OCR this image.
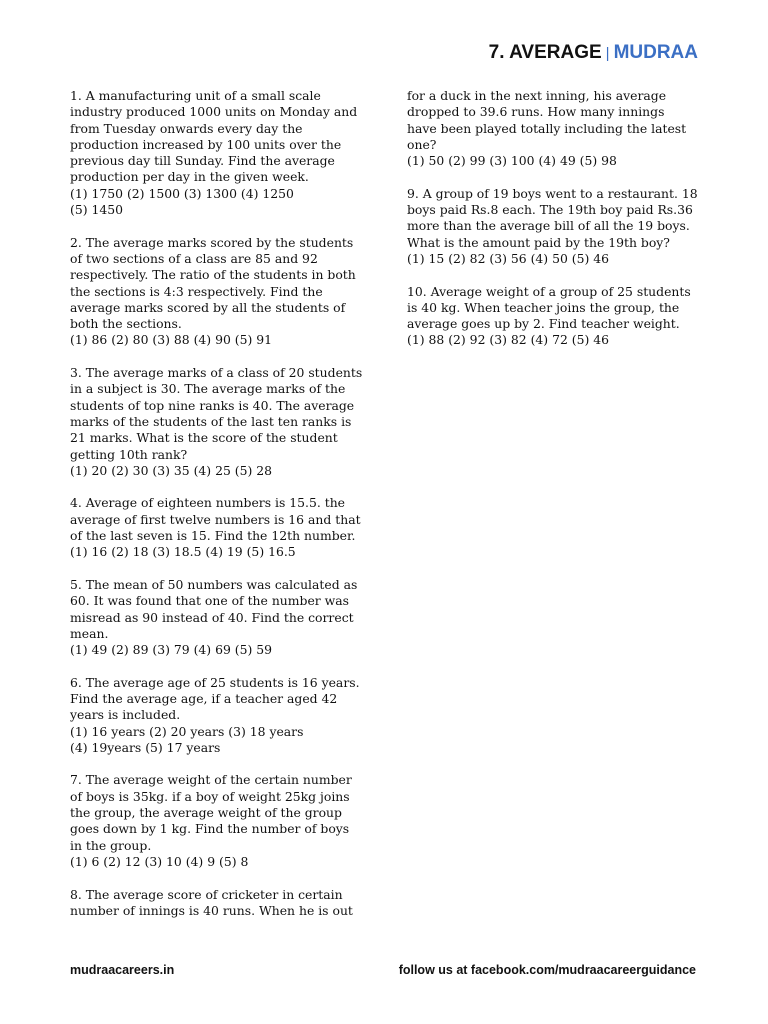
7. AVERAGE | MUDRAA

1. A manufacturing unit of a small scale

industry produced 1000 units on Monday and

from Tuesday onwards every day the

production increased by 100 units over the

previous day till Sunday. Find the average

production per day in the given week.

(1) 1750 (2) 1500 (3) 1300 (4) 1250

(5) 1450

2. The average marks scored by the students

of two sections of a class are 85 and 92

respectively. The ratio of the students in both

the sections is 4:3 respectively. Find the

average marks scored by all the students of

both the sections.

(1) 86 (2) 80 (3) 88 (4) 90 (5) 91

3. The average marks of a class of 20 students

in a subject is 30. The average marks of the

students of top nine ranks is 40. The average

marks of the students of the last ten ranks is

21 marks. What is the score of the student

getting 10th rank?

(1) 20 (2) 30 (3) 35 (4) 25 (5) 28

4. Average of eighteen numbers is 15.5. the

average of first twelve numbers is 16 and that

of the last seven is 15. Find the 12th number.

(1) 16 (2) 18 (3) 18.5 (4) 19 (5) 16.5

5. The mean of 50 numbers was calculated as

60. It was found that one of the number was

misread as 90 instead of 40. Find the correct

mean.

(1) 49 (2) 89 (3) 79 (4) 69 (5) 59

6. The average age of 25 students is 16 years.

Find the average age, if a teacher aged 42

years is included.

(1) 16 years (2) 20 years (3) 18 years

(4) 19years (5) 17 years

7. The average weight of the certain number

of boys is 35kg. if a boy of weight 25kg joins

the group, the average weight of the group

goes down by 1 kg. Find the number of boys

in the group.

(1) 6 (2) 12 (3) 10 (4) 9 (5) 8

8. The average score of cricketer in certain

number of innings is 40 runs. When he is out

for a duck in the next inning, his average

dropped to 39.6 runs. How many innings

have been played totally including the latest

one?

(1) 50 (2) 99 (3) 100 (4) 49 (5) 98

9. A group of 19 boys went to a restaurant. 18

boys paid Rs.8 each. The 19th boy paid Rs.36

more than the average bill of all the 19 boys.

What is the amount paid by the 19th boy?

(1) 15 (2) 82 (3) 56 (4) 50 (5) 46

10. Average weight of a group of 25 students

is 40 kg. When teacher joins the group, the

average goes up by 2. Find teacher weight.

(1) 88 (2) 92 (3) 82 (4) 72 (5) 46

mudraacareers.in	follow us at facebook.com/mudraacareerguidance
